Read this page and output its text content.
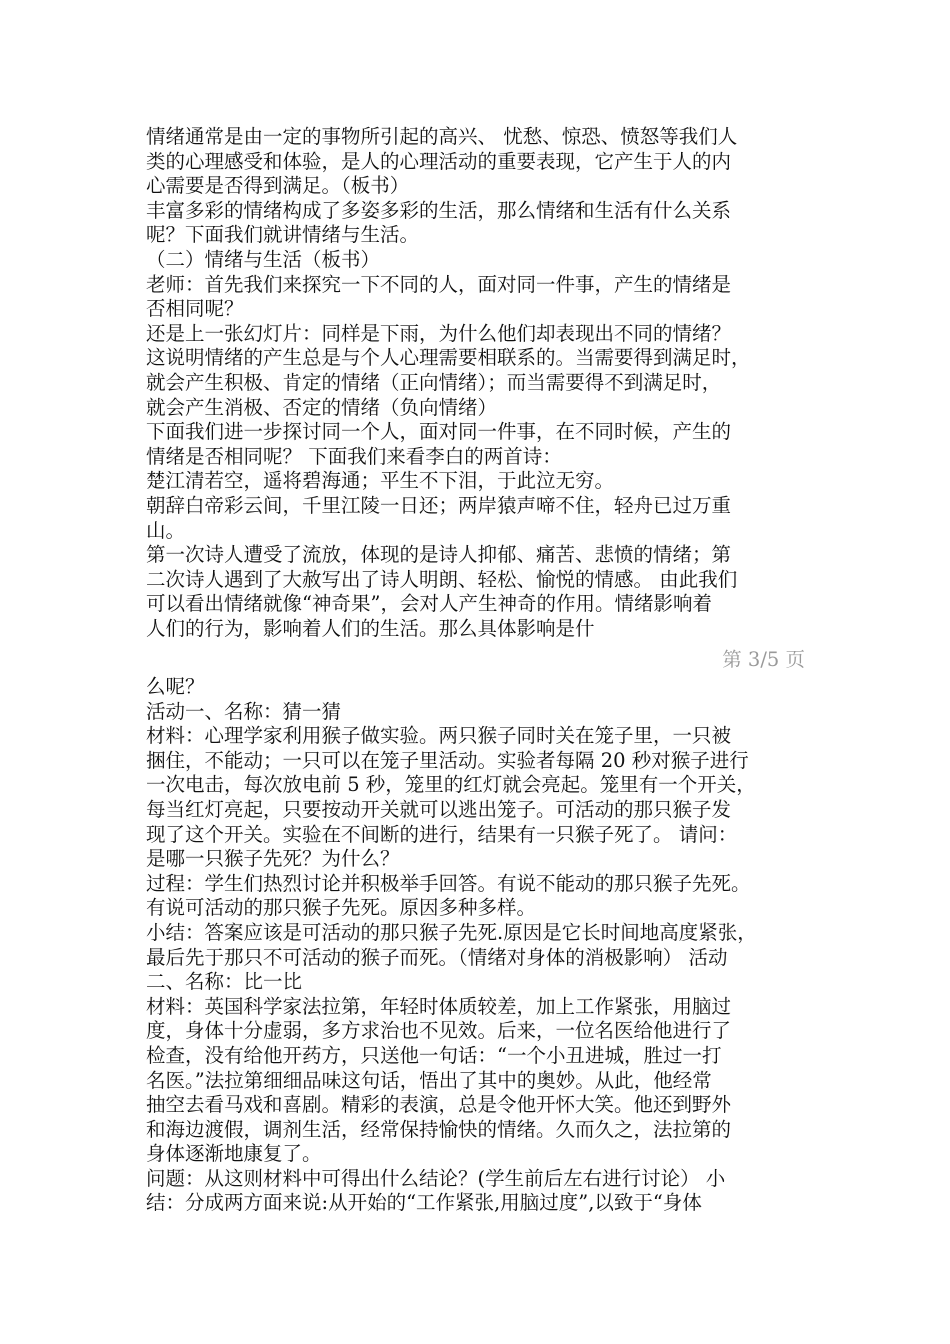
情绪通常是由一定的事物所引起的高兴、 忧愁、惊恐、愤怒等我们人
类的心理感受和体验，是人的心理活动的重要表现，它产生于人的内
心需要是否得到满足。（板书）
丰富多彩的情绪构成了多姿多彩的生活，那么情绪和生活有什么关系
呢？下面我们就讲情绪与生活。
（二）情绪与生活（板书）
老师：首先我们来探究一下不同的人，面对同一件事，产生的情绪是
否相同呢？
还是上一张幻灯片：同样是下雨，为什么他们却表现出不同的情绪？
这说明情绪的产生总是与个人心理需要相联系的。当需要得到满足时，
就会产生积极、肯定的情绪（正向情绪）；而当需要得不到满足时，
就会产生消极、否定的情绪（负向情绪）
下面我们进一步探讨同一个人，面对同一件事，在不同时候，产生的
情绪是否相同呢？ 下面我们来看李白的两首诗：
楚江清若空，遥将碧海通；平生不下泪，于此泣无穷。
朝辞白帝彩云间，千里江陵一日还；两岸猿声啼不住，轻舟已过万重
山。
第一次诗人遭受了流放，体现的是诗人抑郁、痛苦、悲愤的情绪；第
二次诗人遇到了大赦写出了诗人明朗、轻松、愉悦的情感。 由此我们
可以看出情绪就像“神奇果”，会对人产生神奇的作用。情绪影响着
人们的行为，影响着人们的生活。那么具体影响是什
第 3/5 页
么呢？
活动一、名称：猜一猜
材料：心理学家利用猴子做实验。两只猴子同时关在笼子里，一只被
捆住，不能动；一只可以在笼子里活动。实验者每隔 20 秒对猴子进行
一次电击，每次放电前 5 秒，笼里的红灯就会亮起。笼里有一个开关，
每当红灯亮起，只要按动开关就可以逃出笼子。可活动的那只猴子发
现了这个开关。实验在不间断的进行，结果有一只猴子死了。 请问：
是哪一只猴子先死？为什么？
过程：学生们热烈讨论并积极举手回答。有说不能动的那只猴子先死。
有说可活动的那只猴子先死。原因多种多样。
小结：答案应该是可活动的那只猴子先死.原因是它长时间地高度紧张，
最后先于那只不可活动的猴子而死。（情绪对身体的消极影响） 活动
二、名称：比一比
材料：英国科学家法拉第，年轻时体质较差，加上工作紧张，用脑过
度，身体十分虚弱，多方求治也不见效。后来，一位名医给他进行了
检查，没有给他开药方，只送他一句话：“一个小丑进城，胜过一打
名医。”法拉第细细品味这句话，悟出了其中的奥妙。从此，他经常
抽空去看马戏和喜剧。精彩的表演，总是令他开怀大笑。他还到野外
和海边渡假，调剂生活，经常保持愉快的情绪。久而久之，法拉第的
身体逐渐地康复了。
问题：从这则材料中可得出什么结论？(学生前后左右进行讨论） 小
结：分成两方面来说:从开始的“工作紧张,用脑过度”,以致于“身体
